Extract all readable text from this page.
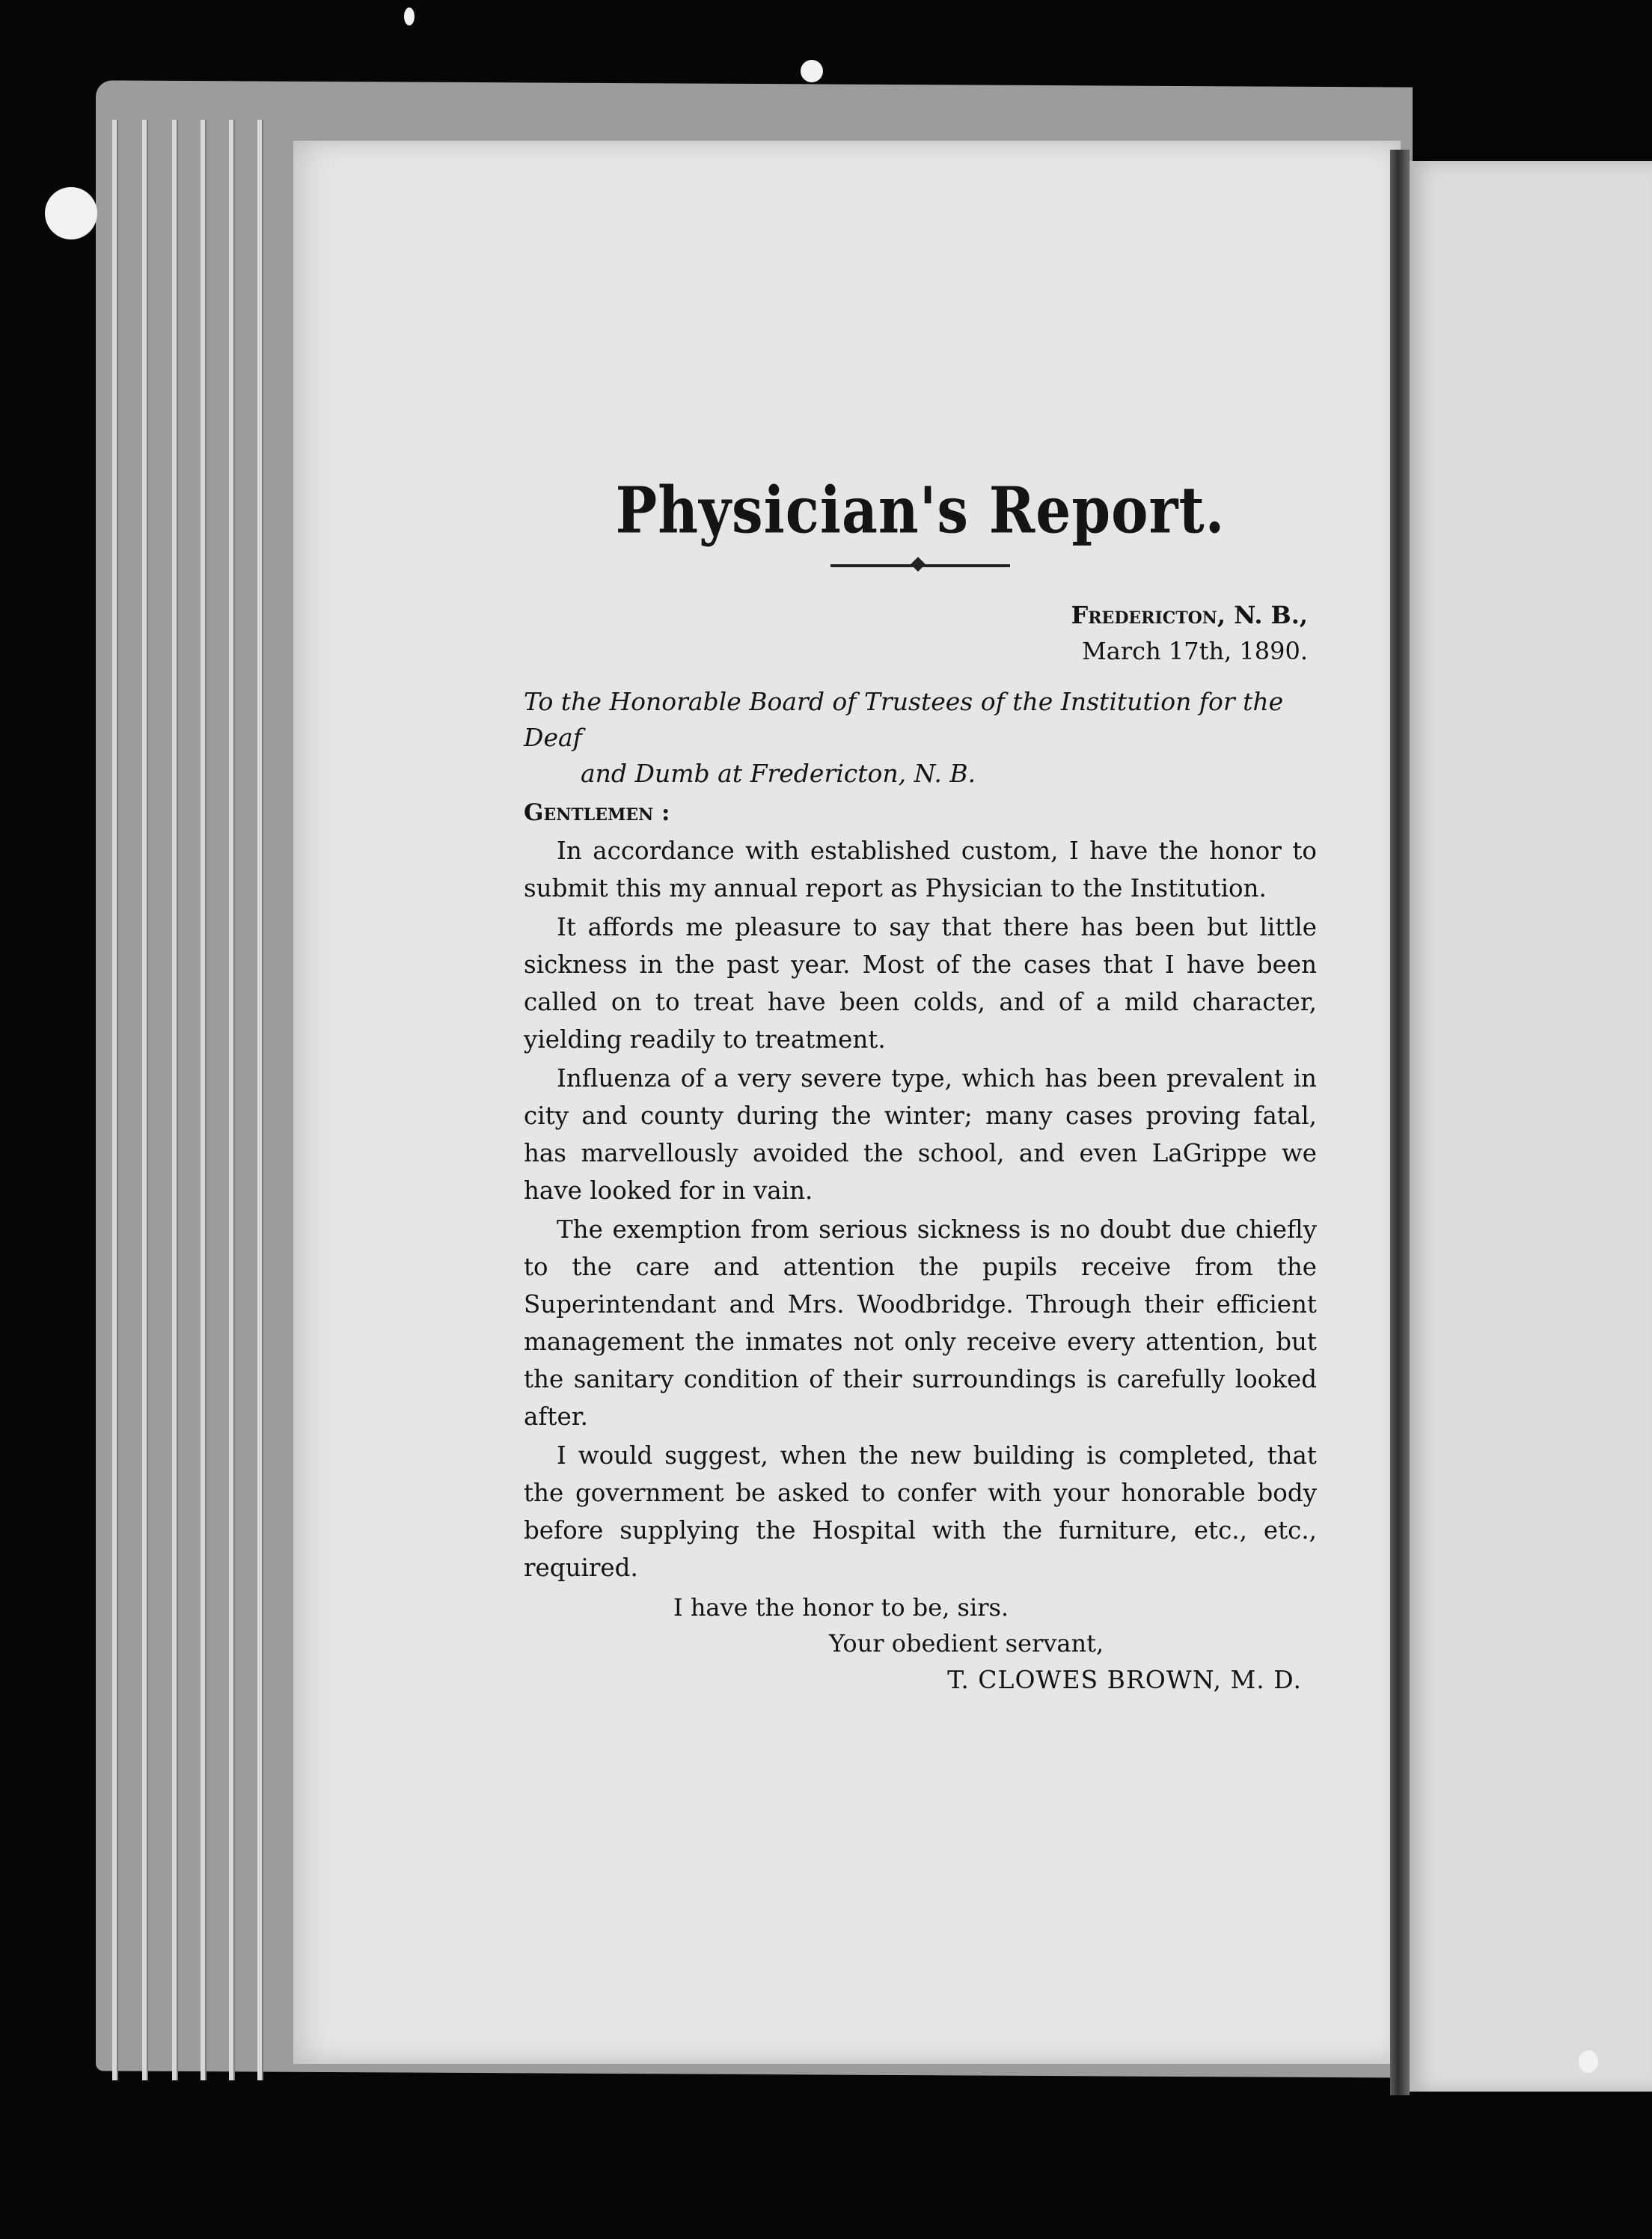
Physician's Report.
Fredericton, N. B.,
March 17th, 1890.
To the Honorable Board of Trustees of the Institution for the Deaf
and Dumb at Fredericton, N. B.
Gentlemen :

In accordance with established custom, I have the honor to submit this my annual report as Physician to the Institution.

It affords me pleasure to say that there has been but little sickness in the past year. Most of the cases that I have been called on to treat have been colds, and of a mild character, yielding readily to treatment.

Influenza of a very severe type, which has been prevalent in city and county during the winter; many cases proving fatal, has marvellously avoided the school, and even LaGrippe we have looked for in vain.

The exemption from serious sickness is no doubt due chiefly to the care and attention the pupils receive from the Superintendant and Mrs. Woodbridge. Through their efficient management the inmates not only receive every attention, but the sanitary condition of their surroundings is carefully looked after.

I would suggest, when the new building is completed, that the government be asked to confer with your honorable body before supplying the Hospital with the furniture, etc., etc., required.

I have the honor to be, sirs.
Your obedient servant,
T. CLOWES BROWN, M. D.
